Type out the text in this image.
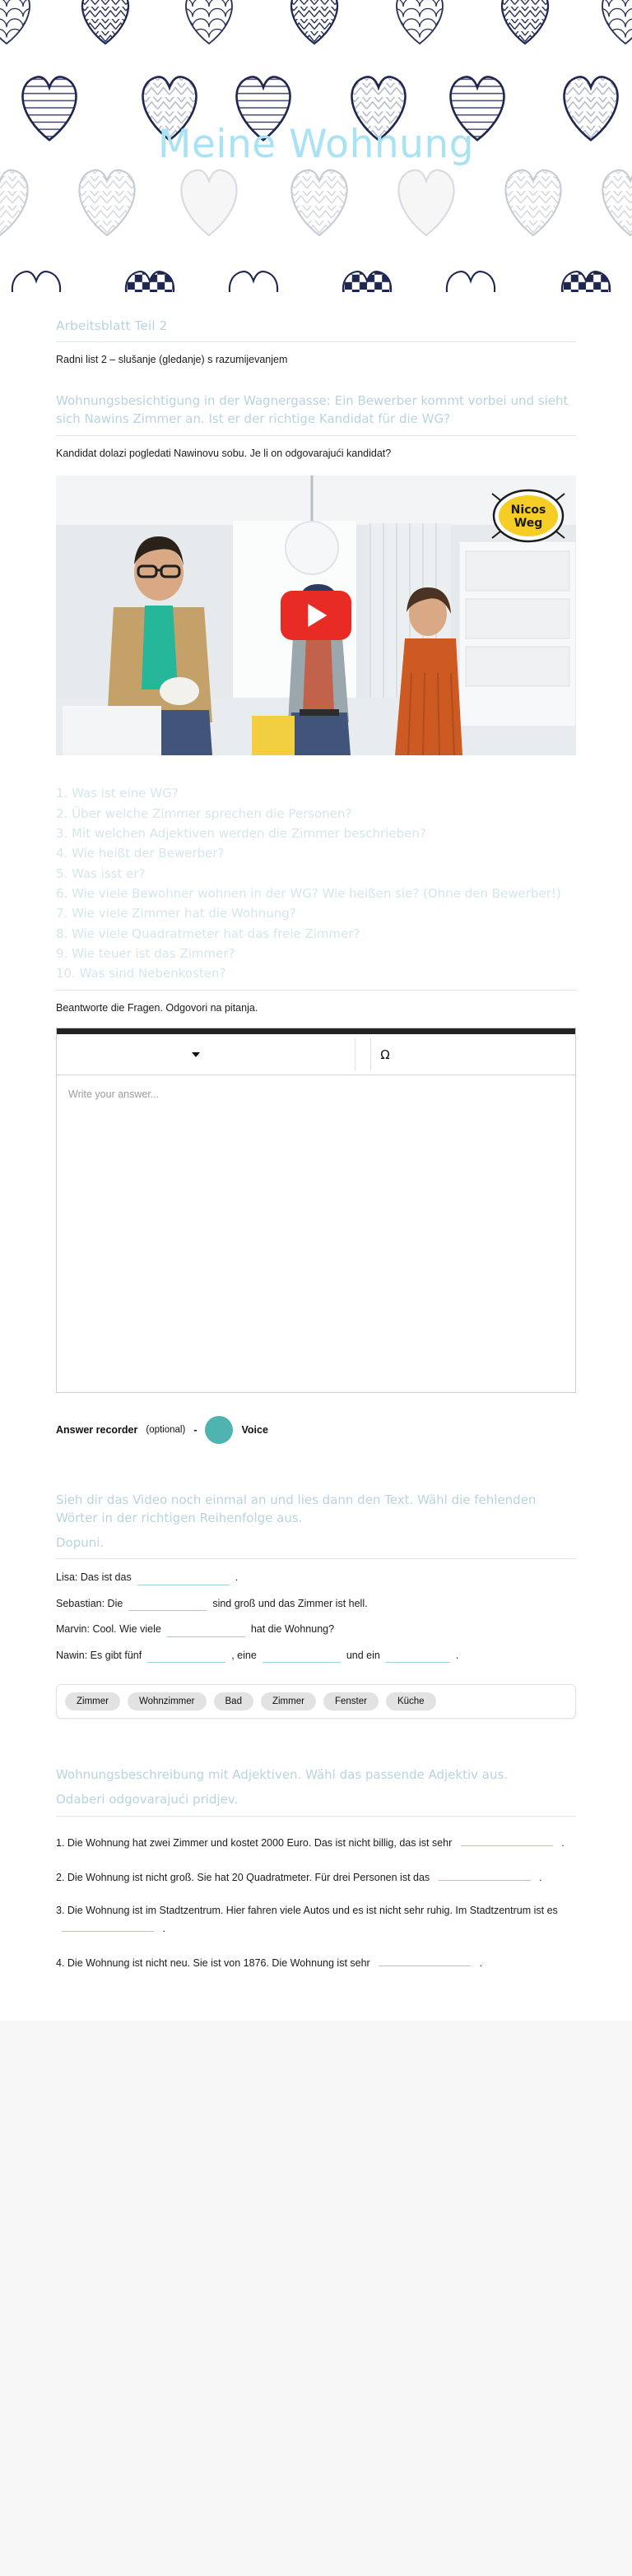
Meine Wohnung
Arbeitsblatt Teil 2
Radni list 2 – slušanje (gledanje) s razumijevanjem
Wohnungsbesichtigung in der Wagnergasse: Ein Bewerber kommt vorbei und sieht sich Nawins Zimmer an. Ist er der richtige Kandidat für die WG?
Kandidat dolazi pogledati Nawinovu sobu. Je li on odgovarajući kandidat?
Nicos
Weg
1. Was ist eine WG?
2. Über welche Zimmer sprechen die Personen?
3. Mit welchen Adjektiven werden die Zimmer beschrieben?
4. Wie heißt der Bewerber?
5. Was isst er?
6. Wie viele Bewohner wohnen in der WG? Wie heißen sie? (Ohne den Bewerber!)
7. Wie viele Zimmer hat die Wohnung?
8. Wie viele Quadratmeter hat das freie Zimmer?
9. Wie teuer ist das Zimmer?
10. Was sind Nebenkosten?
Beantworte die Fragen. Odgovori na pitanja.
Ω
Write your answer...
Answer recorder (optional) -	Voice
Sieh dir das Video noch einmal an und lies dann den Text. Wähl die fehlenden Wörter in der richtigen Reihenfolge aus.
Dopuni.
Lisa: Das ist das	.
Sebastian: Die	sind groß und das Zimmer ist hell.
Marvin: Cool. Wie viele	hat die Wohnung?
Nawin: Es gibt fünf	, eine	und ein	.
Zimmer	Wohnzimmer	Bad	Zimmer	Fenster	Küche
Wohnungsbeschreibung mit Adjektiven. Wähl das passende Adjektiv aus.
Odaberi odgovarajući pridjev.
1. Die Wohnung hat zwei Zimmer und kostet 2000 Euro. Das ist nicht billig, das ist sehr	.
2. Die Wohnung ist nicht groß. Sie hat 20 Quadratmeter. Für drei Personen ist das	.
3. Die Wohnung ist im Stadtzentrum. Hier fahren viele Autos und es ist nicht sehr ruhig. Im Stadtzentrum ist es  .
4. Die Wohnung ist nicht neu. Sie ist von 1876. Die Wohnung ist sehr	.
